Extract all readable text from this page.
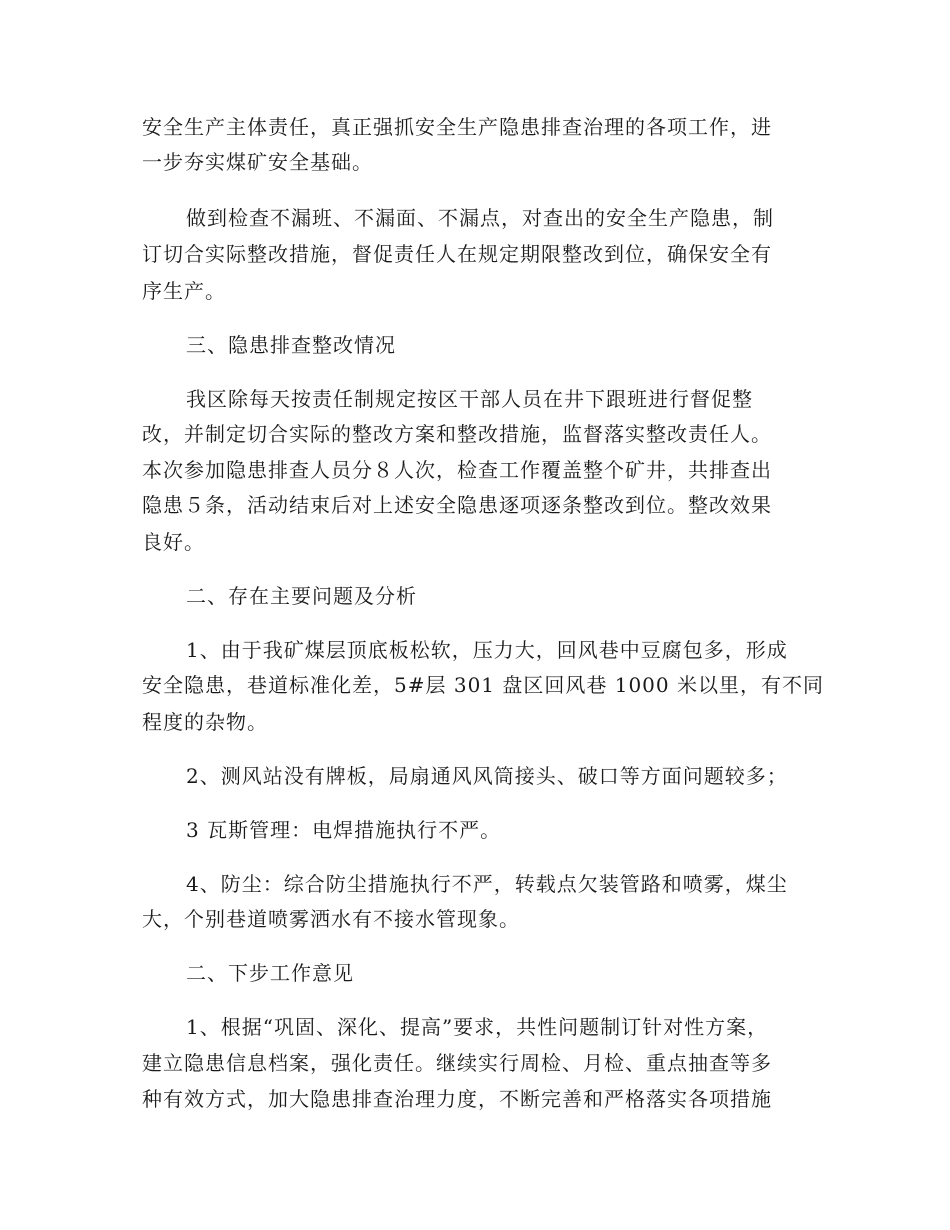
安全生产主体责任，真正强抓安全生产隐患排查治理的各项工作，进
一步夯实煤矿安全基础。
做到检查不漏班、不漏面、不漏点，对查出的安全生产隐患，制
订切合实际整改措施，督促责任人在规定期限整改到位，确保安全有
序生产。
三、隐患排查整改情况
我区除每天按责任制规定按区干部人员在井下跟班进行督促整
改，并制定切合实际的整改方案和整改措施，监督落实整改责任人。
本次参加隐患排查人员分８人次，检查工作覆盖整个矿井，共排查出
隐患５条，活动结束后对上述安全隐患逐项逐条整改到位。整改效果
良好。
二、存在主要问题及分析
1、由于我矿煤层顶底板松软，压力大，回风巷中豆腐包多，形成
安全隐患，巷道标准化差，5#层 301 盘区回风巷 1000 米以里，有不同
程度的杂物。
2、测风站没有牌板，局扇通风风筒接头、破口等方面问题较多；
3 瓦斯管理：电焊措施执行不严。
4、防尘：综合防尘措施执行不严，转载点欠装管路和喷雾，煤尘
大，个别巷道喷雾洒水有不接水管现象。
二、下步工作意见
1、根据“巩固、深化、提高”要求，共性问题制订针对性方案，
建立隐患信息档案，强化责任。继续实行周检、月检、重点抽查等多
种有效方式，加大隐患排查治理力度，不断完善和严格落实各项措施
